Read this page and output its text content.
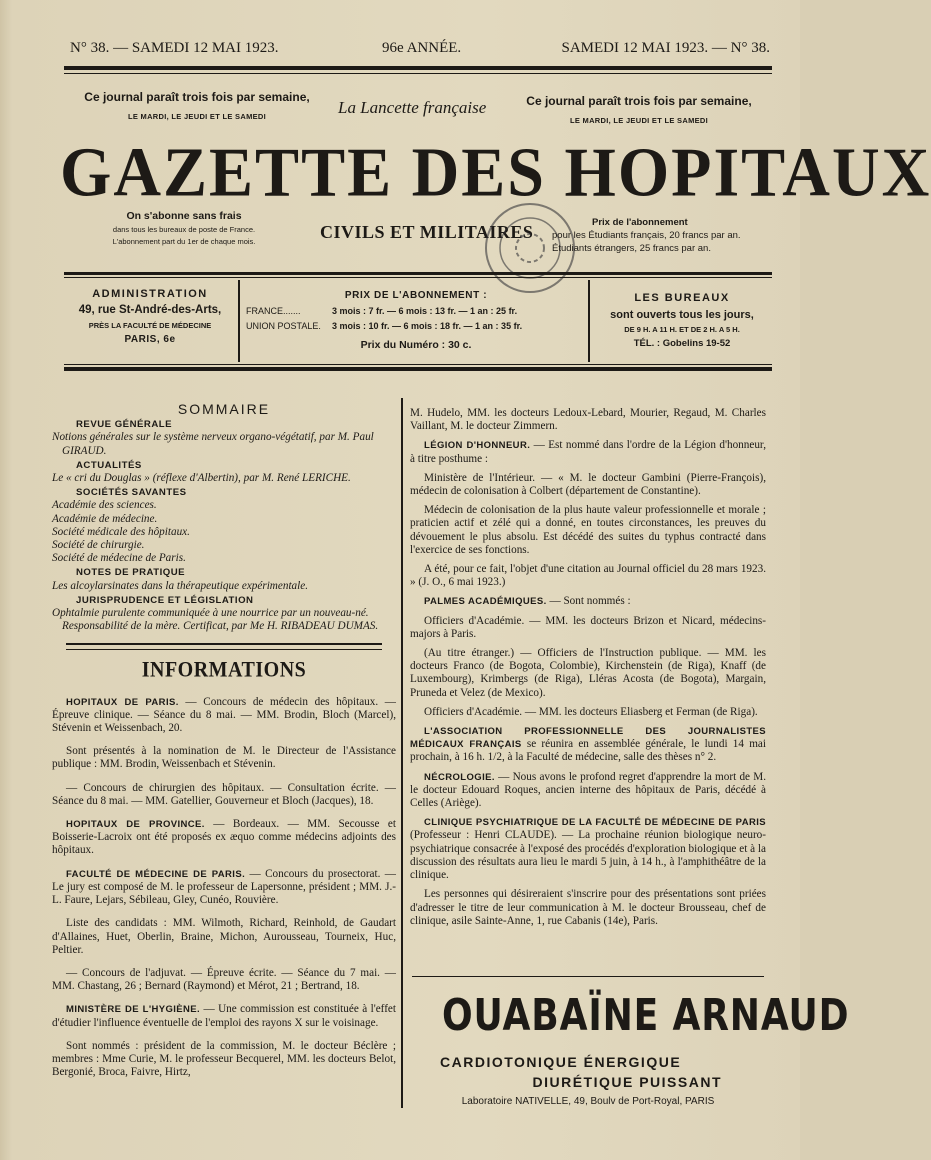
N° 38. — SAMEDI 12 MAI 1923.	96e ANNÉE.	SAMEDI 12 MAI 1923. — N° 38.
Ce journal paraît trois fois par semaine,
LE MARDI, LE JEUDI ET LE SAMEDI	La Lancette française	Ce journal paraît trois fois par semaine,
LE MARDI, LE JEUDI ET LE SAMEDI
GAZETTE DES HOPITAUX
On s'abonne sans frais
dans tous les bureaux de poste de France.
L'abonnement part du 1er de chaque mois.	CIVILS ET MILITAIRES	Prix de l'abonnement
pour les Étudiants français, 20 francs par an.
Étudiants étrangers, 25 francs par an.
ADMINISTRATION
49, rue St-André-des-Arts,
PRÈS LA FACULTÉ DE MÉDECINE
PARIS, 6e
PRIX DE L'ABONNEMENT :
FRANCE.......	3 mois : 7 fr. — 6 mois : 13 fr. — 1 an : 25 fr.
UNION POSTALE.	3 mois : 10 fr. — 6 mois : 18 fr. — 1 an : 35 fr.
Prix du Numéro : 30 c.
LES BUREAUX
sont ouverts tous les jours,
DE 9 H. A 11 H. ET DE 2 H. A 5 H.
TÉL. : Gobelins 19-52
SOMMAIRE
REVUE GÉNÉRALE
Notions générales sur le système nerveux organo-végétatif, par M. Paul GIRAUD.
ACTUALITÉS
Le « cri du Douglas » (réflexe d'Albertin), par M. René LERICHE.
SOCIÉTÉS SAVANTES
Académie des sciences.
Académie de médecine.
Société médicale des hôpitaux.
Société de chirurgie.
Société de médecine de Paris.
NOTES DE PRATIQUE
Les alcoylarsinates dans la thérapeutique expérimentale.
JURISPRUDENCE ET LÉGISLATION
Ophtalmie purulente communiquée à une nourrice par un nouveau-né. Responsabilité de la mère. Certificat, par Me H. RIBADEAU DUMAS.
INFORMATIONS

HOPITAUX DE PARIS. — Concours de médecin des hôpitaux. — Épreuve clinique. — Séance du 8 mai. — MM. Brodin, Bloch (Marcel), Stévenin et Weissenbach, 20.

Sont présentés à la nomination de M. le Directeur de l'Assistance publique : MM. Brodin, Weissenbach et Stévenin.

— Concours de chirurgien des hôpitaux. — Consultation écrite. — Séance du 8 mai. — MM. Gatellier, Gouverneur et Bloch (Jacques), 18.

HOPITAUX DE PROVINCE. — Bordeaux. — MM. Secousse et Boisserie-Lacroix ont été proposés ex æquo comme médecins adjoints des hôpitaux.

FACULTÉ DE MÉDECINE DE PARIS. — Concours du prosectorat. — Le jury est composé de M. le professeur de Lapersonne, président ; MM. J.-L. Faure, Lejars, Sébileau, Gley, Cunéo, Rouvière.

Liste des candidats : MM. Wilmoth, Richard, Reinhold, de Gaudart d'Allaines, Huet, Oberlin, Braine, Michon, Aurousseau, Tourneix, Huc, Peltier.

— Concours de l'adjuvat. — Épreuve écrite. — Séance du 7 mai. — MM. Chastang, 26 ; Bernard (Raymond) et Mérot, 21 ; Bertrand, 18.

MINISTÈRE DE L'HYGIÈNE. — Une commission est constituée à l'effet d'étudier l'influence éventuelle de l'emploi des rayons X sur le voisinage.

Sont nommés : président de la commission, M. le docteur Béclère ; membres : Mme Curie, M. le professeur Becquerel, MM. les docteurs Belot, Bergonié, Broca, Faivre, Hirtz,

M. Hudelo, MM. les docteurs Ledoux-Lebard, Mourier, Regaud, M. Charles Vaillant, M. le docteur Zimmern.

LÉGION D'HONNEUR. — Est nommé dans l'ordre de la Légion d'honneur, à titre posthume :

Ministère de l'Intérieur. — « M. le docteur Gambini (Pierre-François), médecin de colonisation à Colbert (département de Constantine).

Médecin de colonisation de la plus haute valeur professionnelle et morale ; praticien actif et zélé qui a donné, en toutes circonstances, les preuves du dévouement le plus absolu. Est décédé des suites du typhus contracté dans l'exercice de ses fonctions.

A été, pour ce fait, l'objet d'une citation au Journal officiel du 28 mars 1923. » (J. O., 6 mai 1923.)

PALMES ACADÉMIQUES. — Sont nommés :

Officiers d'Académie. — MM. les docteurs Brizon et Nicard, médecins-majors à Paris.

(Au titre étranger.) — Officiers de l'Instruction publique. — MM. les docteurs Franco (de Bogota, Colombie), Kirchenstein (de Riga), Knaff (de Luxembourg), Krimbergs (de Riga), Lléras Acosta (de Bogota), Margain, Pruneda et Velez (de Mexico).

Officiers d'Académie. — MM. les docteurs Eliasberg et Ferman (de Riga).

L'ASSOCIATION PROFESSIONNELLE DES JOURNALISTES MÉDICAUX FRANÇAIS se réunira en assemblée générale, le lundi 14 mai prochain, à 16 h. 1/2, à la Faculté de médecine, salle des thèses n° 2.

NÉCROLOGIE. — Nous avons le profond regret d'apprendre la mort de M. le docteur Edouard Roques, ancien interne des hôpitaux de Paris, décédé à Celles (Ariège).

CLINIQUE PSYCHIATRIQUE DE LA FACULTÉ DE MÉDECINE DE PARIS (Professeur : Henri CLAUDE). — La prochaine réunion biologique neuro-psychiatrique consacrée à l'exposé des procédés d'exploration biologique et à la discussion des résultats aura lieu le mardi 5 juin, à 14 h., à l'amphithéâtre de la clinique.

Les personnes qui désireraient s'inscrire pour des présentations sont priées d'adresser le titre de leur communication à M. le docteur Brousseau, chef de clinique, asile Sainte-Anne, 1, rue Cabanis (14e), Paris.

OUABAÏNE ARNAUD
CARDIOTONIQUE ÉNERGIQUE
DIURÉTIQUE PUISSANT
Laboratoire NATIVELLE, 49, Boulv de Port-Royal, PARIS
